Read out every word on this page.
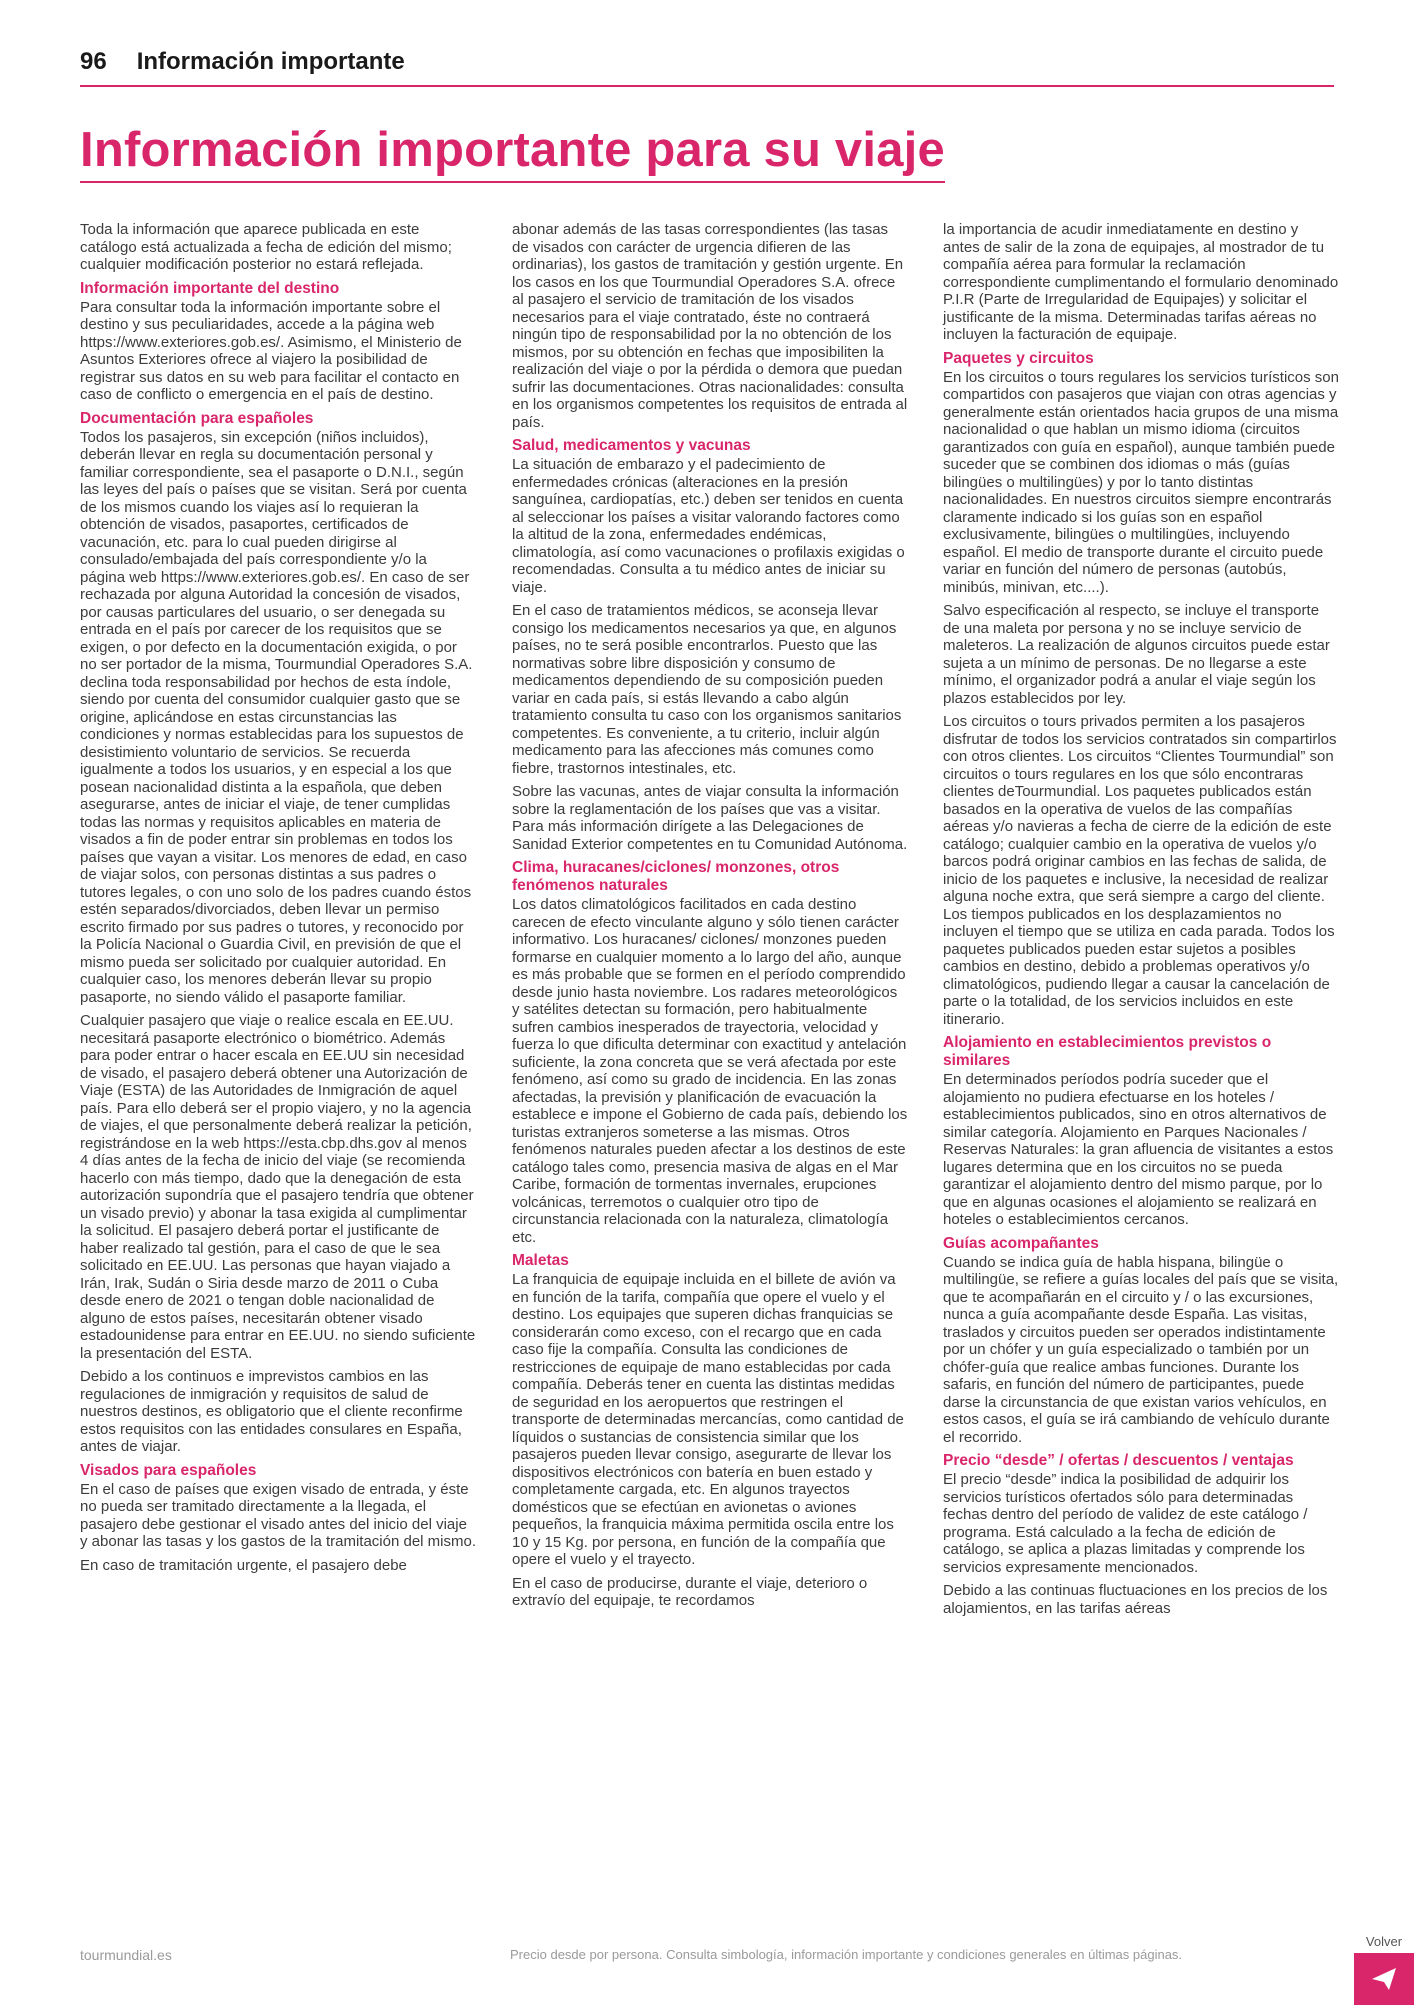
96 Información importante
Información importante para su viaje

Toda la información que aparece publicada en este catálogo está actualizada a fecha de edición del mismo; cualquier modificación posterior no estará reflejada.

Información importante del destino

Para consultar toda la información importante sobre el destino y sus peculiaridades, accede a la página web https://www.exteriores.gob.es/. Asimismo, el Ministerio de Asuntos Exteriores ofrece al viajero la posibilidad de registrar sus datos en su web para facilitar el contacto en caso de conflicto o emergencia en el país de destino.

Documentación para españoles

Todos los pasajeros, sin excepción (niños incluidos), deberán llevar en regla su documentación personal y familiar correspondiente, sea el pasaporte o D.N.I., según las leyes del país o países que se visitan. Será por cuenta de los mismos cuando los viajes así lo requieran la obtención de visados, pasaportes, certificados de vacunación, etc. para lo cual pueden dirigirse al consulado/embajada del país correspondiente y/o la página web https://www.exteriores.gob.es/. En caso de ser rechazada por alguna Autoridad la concesión de visados, por causas particulares del usuario, o ser denegada su entrada en el país por carecer de los requisitos que se exigen, o por defecto en la documentación exigida, o por no ser portador de la misma, Tourmundial Operadores S.A. declina toda responsabilidad por hechos de esta índole, siendo por cuenta del consumidor cualquier gasto que se origine, aplicándose en estas circunstancias las condiciones y normas establecidas para los supuestos de desistimiento voluntario de servicios. Se recuerda igualmente a todos los usuarios, y en especial a los que posean nacionalidad distinta a la española, que deben asegurarse, antes de iniciar el viaje, de tener cumplidas todas las normas y requisitos aplicables en materia de visados a fin de poder entrar sin problemas en todos los países que vayan a visitar. Los menores de edad, en caso de viajar solos, con personas distintas a sus padres o tutores legales, o con uno solo de los padres cuando éstos estén separados/divorciados, deben llevar un permiso escrito firmado por sus padres o tutores, y reconocido por la Policía Nacional o Guardia Civil, en previsión de que el mismo pueda ser solicitado por cualquier autoridad. En cualquier caso, los menores deberán llevar su propio pasaporte, no siendo válido el pasaporte familiar.

Cualquier pasajero que viaje o realice escala en EE.UU. necesitará pasaporte electrónico o biométrico. Además para poder entrar o hacer escala en EE.UU sin necesidad de visado, el pasajero deberá obtener una Autorización de Viaje (ESTA) de las Autoridades de Inmigración de aquel país. Para ello deberá ser el propio viajero, y no la agencia de viajes, el que personalmente deberá realizar la petición, registrándose en la web https://esta.cbp.dhs.gov al menos 4 días antes de la fecha de inicio del viaje (se recomienda hacerlo con más tiempo, dado que la denegación de esta autorización supondría que el pasajero tendría que obtener un visado previo) y abonar la tasa exigida al cumplimentar la solicitud. El pasajero deberá portar el justificante de haber realizado tal gestión, para el caso de que le sea solicitado en EE.UU. Las personas que hayan viajado a Irán, Irak, Sudán o Siria desde marzo de 2011 o Cuba desde enero de 2021 o tengan doble nacionalidad de alguno de estos países, necesitarán obtener visado estadounidense para entrar en EE.UU. no siendo suficiente la presentación del ESTA.

Debido a los continuos e imprevistos cambios en las regulaciones de inmigración y requisitos de salud de nuestros destinos, es obligatorio que el cliente reconfirme estos requisitos con las entidades consulares en España, antes de viajar.

Visados para españoles

En el caso de países que exigen visado de entrada, y éste no pueda ser tramitado directamente a la llegada, el pasajero debe gestionar el visado antes del inicio del viaje y abonar las tasas y los gastos de la tramitación del mismo.

En caso de tramitación urgente, el pasajero debe

abonar además de las tasas correspondientes (las tasas de visados con carácter de urgencia difieren de las ordinarias), los gastos de tramitación y gestión urgente. En los casos en los que Tourmundial Operadores S.A. ofrece al pasajero el servicio de tramitación de los visados necesarios para el viaje contratado, éste no contraerá ningún tipo de responsabilidad por la no obtención de los mismos, por su obtención en fechas que imposibiliten la realización del viaje o por la pérdida o demora que puedan sufrir las documentaciones. Otras nacionalidades: consulta en los organismos competentes los requisitos de entrada al país.

Salud, medicamentos y vacunas

La situación de embarazo y el padecimiento de enfermedades crónicas (alteraciones en la presión sanguínea, cardiopatías, etc.) deben ser tenidos en cuenta al seleccionar los países a visitar valorando factores como la altitud de la zona, enfermedades endémicas, climatología, así como vacunaciones o profilaxis exigidas o recomendadas. Consulta a tu médico antes de iniciar su viaje.

En el caso de tratamientos médicos, se aconseja llevar consigo los medicamentos necesarios ya que, en algunos países, no te será posible encontrarlos. Puesto que las normativas sobre libre disposición y consumo de medicamentos dependiendo de su composición pueden variar en cada país, si estás llevando a cabo algún tratamiento consulta tu caso con los organismos sanitarios competentes. Es conveniente, a tu criterio, incluir algún medicamento para las afecciones más comunes como fiebre, trastornos intestinales, etc.

Sobre las vacunas, antes de viajar consulta la información sobre la reglamentación de los países que vas a visitar. Para más información dirígete a las Delegaciones de Sanidad Exterior competentes en tu Comunidad Autónoma.

Clima, huracanes/ciclones/ monzones, otros fenómenos naturales

Los datos climatológicos facilitados en cada destino carecen de efecto vinculante alguno y sólo tienen carácter informativo. Los huracanes/ ciclones/ monzones pueden formarse en cualquier momento a lo largo del año, aunque es más probable que se formen en el período comprendido desde junio hasta noviembre. Los radares meteorológicos y satélites detectan su formación, pero habitualmente sufren cambios inesperados de trayectoria, velocidad y fuerza lo que dificulta determinar con exactitud y antelación suficiente, la zona concreta que se verá afectada por este fenómeno, así como su grado de incidencia. En las zonas afectadas, la previsión y planificación de evacuación la establece e impone el Gobierno de cada país, debiendo los turistas extranjeros someterse a las mismas. Otros fenómenos naturales pueden afectar a los destinos de este catálogo tales como, presencia masiva de algas en el Mar Caribe, formación de tormentas invernales, erupciones volcánicas, terremotos o cualquier otro tipo de circunstancia relacionada con la naturaleza, climatología etc.

Maletas

La franquicia de equipaje incluida en el billete de avión va en función de la tarifa, compañía que opere el vuelo y el destino. Los equipajes que superen dichas franquicias se considerarán como exceso, con el recargo que en cada caso fije la compañía. Consulta las condiciones de restricciones de equipaje de mano establecidas por cada compañía. Deberás tener en cuenta las distintas medidas de seguridad en los aeropuertos que restringen el transporte de determinadas mercancías, como cantidad de líquidos o sustancias de consistencia similar que los pasajeros pueden llevar consigo, asegurarte de llevar los dispositivos electrónicos con batería en buen estado y completamente cargada, etc. En algunos trayectos domésticos que se efectúan en avionetas o aviones pequeños, la franquicia máxima permitida oscila entre los 10 y 15 Kg. por persona, en función de la compañía que opere el vuelo y el trayecto.

En el caso de producirse, durante el viaje, deterioro o extravío del equipaje, te recordamos

la importancia de acudir inmediatamente en destino y antes de salir de la zona de equipajes, al mostrador de tu compañía aérea para formular la reclamación correspondiente cumplimentando el formulario denominado P.I.R (Parte de Irregularidad de Equipajes) y solicitar el justificante de la misma. Determinadas tarifas aéreas no incluyen la facturación de equipaje.

Paquetes y circuitos

En los circuitos o tours regulares los servicios turísticos son compartidos con pasajeros que viajan con otras agencias y generalmente están orientados hacia grupos de una misma nacionalidad o que hablan un mismo idioma (circuitos garantizados con guía en español), aunque también puede suceder que se combinen dos idiomas o más (guías bilingües o multilingües) y por lo tanto distintas nacionalidades. En nuestros circuitos siempre encontrarás claramente indicado si los guías son en español exclusivamente, bilingües o multilingües, incluyendo español. El medio de transporte durante el circuito puede variar en función del número de personas (autobús, minibús, minivan, etc....).

Salvo especificación al respecto, se incluye el transporte de una maleta por persona y no se incluye servicio de maleteros. La realización de algunos circuitos puede estar sujeta a un mínimo de personas. De no llegarse a este mínimo, el organizador podrá a anular el viaje según los plazos establecidos por ley.

Los circuitos o tours privados permiten a los pasajeros disfrutar de todos los servicios contratados sin compartirlos con otros clientes. Los circuitos “Clientes Tourmundial” son circuitos o tours regulares en los que sólo encontraras clientes deTourmundial. Los paquetes publicados están basados en la operativa de vuelos de las compañías aéreas y/o navieras a fecha de cierre de la edición de este catálogo; cualquier cambio en la operativa de vuelos y/o barcos podrá originar cambios en las fechas de salida, de inicio de los paquetes e inclusive, la necesidad de realizar alguna noche extra, que será siempre a cargo del cliente. Los tiempos publicados en los desplazamientos no incluyen el tiempo que se utiliza en cada parada. Todos los paquetes publicados pueden estar sujetos a posibles cambios en destino, debido a problemas operativos y/o climatológicos, pudiendo llegar a causar la cancelación de parte o la totalidad, de los servicios incluidos en este itinerario.

Alojamiento en establecimientos previstos o similares

En determinados períodos podría suceder que el alojamiento no pudiera efectuarse en los hoteles / establecimientos publicados, sino en otros alternativos de similar categoría. Alojamiento en Parques Nacionales / Reservas Naturales: la gran afluencia de visitantes a estos lugares determina que en los circuitos no se pueda garantizar el alojamiento dentro del mismo parque, por lo que en algunas ocasiones el alojamiento se realizará en hoteles o establecimientos cercanos.

Guías acompañantes

Cuando se indica guía de habla hispana, bilingüe o multilingüe, se refiere a guías locales del país que se visita, que te acompañarán en el circuito y / o las excursiones, nunca a guía acompañante desde España. Las visitas, traslados y circuitos pueden ser operados indistintamente por un chófer y un guía especializado o también por un chófer-guía que realice ambas funciones. Durante los safaris, en función del número de participantes, puede darse la circunstancia de que existan varios vehículos, en estos casos, el guía se irá cambiando de vehículo durante el recorrido.

Precio “desde” / ofertas / descuentos / ventajas

El precio “desde” indica la posibilidad de adquirir los servicios turísticos ofertados sólo para determinadas fechas dentro del período de validez de este catálogo / programa. Está calculado a la fecha de edición de catálogo, se aplica a plazas limitadas y comprende los servicios expresamente mencionados.

Debido a las continuas fluctuaciones en los precios de los alojamientos, en las tarifas aéreas

tourmundial.es	Precio desde por persona. Consulta simbología, información importante y condiciones generales en últimas páginas.
Volver
